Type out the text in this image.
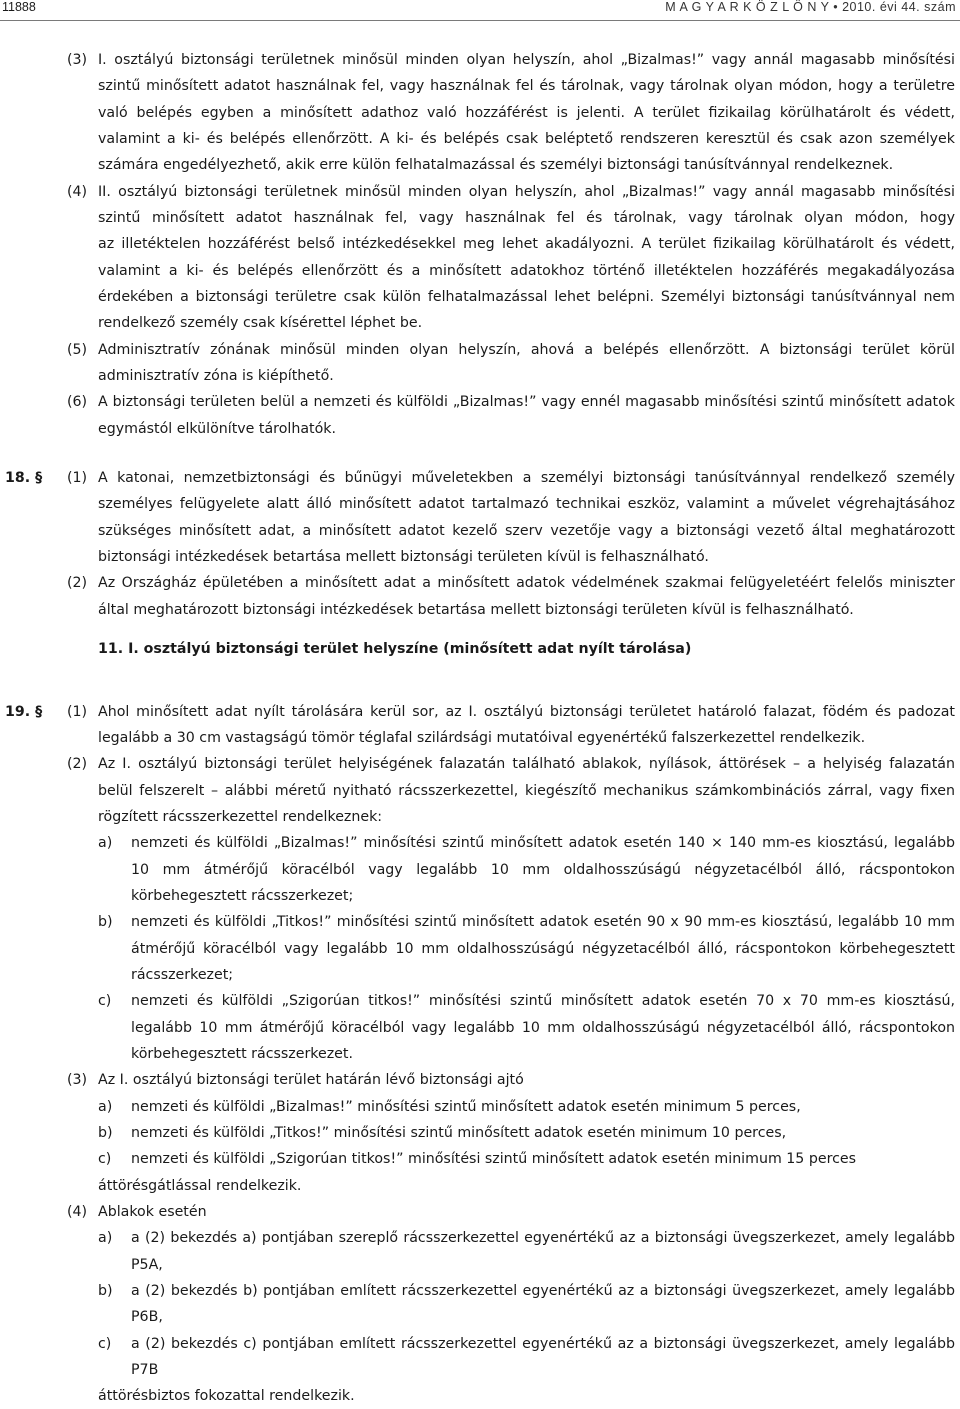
11888	M A G Y A R K Ö Z L Ö N Y • 2010. évi 44. szám
I. osztályú biztonsági területnek minősül minden olyan helyszín, ahol „Bizalmas!” vagy annál magasabb minősítési
szintű minősített adatot használnak fel, vagy használnak fel és tárolnak, vagy tárolnak olyan módon, hogy a területre
való belépés egyben a minősített adathoz való hozzáférést is jelenti. A terület fizikailag körülhatárolt és védett,
valamint a ki- és belépés ellenőrzött. A ki- és belépés csak beléptető rendszeren keresztül és csak azon személyek
számára engedélyezhető, akik erre külön felhatalmazással és személyi biztonsági tanúsítvánnyal rendelkeznek.
II. osztályú biztonsági területnek minősül minden olyan helyszín, ahol „Bizalmas!” vagy annál magasabb minősítési
szintű minősített adatot használnak fel, vagy használnak fel és tárolnak, vagy tárolnak olyan módon, hogy
az illetéktelen hozzáférést belső intézkedésekkel meg lehet akadályozni. A terület fizikailag körülhatárolt és védett,
valamint a ki- és belépés ellenőrzött és a minősített adatokhoz történő illetéktelen hozzáférés megakadályozása
érdekében a biztonsági területre csak külön felhatalmazással lehet belépni. Személyi biztonsági tanúsítvánnyal nem
rendelkező személy csak kísérettel léphet be.
Adminisztratív zónának minősül minden olyan helyszín, ahová a belépés ellenőrzött. A biztonsági terület körül
adminisztratív zóna is kiépíthető.
A biztonsági területen belül a nemzeti és külföldi „Bizalmas!” vagy ennél magasabb minősítési szintű minősített adatok
egymástól elkülönítve tárolhatók.
A katonai, nemzetbiztonsági és bűnügyi műveletekben a személyi biztonsági tanúsítvánnyal rendelkező személy
személyes felügyelete alatt álló minősített adatot tartalmazó technikai eszköz, valamint a művelet végrehajtásához
szükséges minősített adat, a minősített adatot kezelő szerv vezetője vagy a biztonsági vezető által meghatározott
biztonsági intézkedések betartása mellett biztonsági területen kívül is felhasználható.
Az Országház épületében a minősített adat a minősített adatok védelmének szakmai felügyeletéért felelős miniszter
által meghatározott biztonsági intézkedések betartása mellett biztonsági területen kívül is felhasználható.
Ahol minősített adat nyílt tárolására kerül sor, az I. osztályú biztonsági területet határoló falazat, födém és padozat
legalább a 30 cm vastagságú tömör téglafal szilárdsági mutatóival egyenértékű falszerkezettel rendelkezik.
Az I. osztályú biztonsági terület helyiségének falazatán található ablakok, nyílások, áttörések – a helyiség falazatán
belül felszerelt – alábbi méretű nyitható rácsszerkezettel, kiegészítő mechanikus számkombinációs zárral, vagy fixen
rögzített rácsszerkezettel rendelkeznek:
nemzeti és külföldi „Bizalmas!” minősítési szintű minősített adatok esetén 140 × 140 mm-es kiosztású, legalább
10 mm átmérőjű köracélból vagy legalább 10 mm oldalhosszúságú négyzetacélból álló, rácspontokon
körbehegesztett rácsszerkezet;
nemzeti és külföldi „Titkos!” minősítési szintű minősített adatok esetén 90 x 90 mm-es kiosztású, legalább 10 mm
átmérőjű köracélból vagy legalább 10 mm oldalhosszúságú négyzetacélból álló, rácspontokon körbehegesztett
rácsszerkezet;
nemzeti és külföldi „Szigorúan titkos!” minősítési szintű minősített adatok esetén 70 x 70 mm-es kiosztású,
legalább 10 mm átmérőjű köracélból vagy legalább 10 mm oldalhosszúságú négyzetacélból álló, rácspontokon
körbehegesztett rácsszerkezet.
Az I. osztályú biztonsági terület határán lévő biztonsági ajtó
nemzeti és külföldi „Bizalmas!” minősítési szintű minősített adatok esetén minimum 5 perces,
nemzeti és külföldi „Titkos!” minősítési szintű minősített adatok esetén minimum 10 perces,
nemzeti és külföldi „Szigorúan titkos!” minősítési szintű minősített adatok esetén minimum 15 perces
áttörésgátlással rendelkezik.
Ablakok esetén
a (2) bekezdés a) pontjában szereplő rácsszerkezettel egyenértékű az a biztonsági üvegszerkezet, amely legalább
P5A,
a (2) bekezdés b) pontjában említett rácsszerkezettel egyenértékű az a biztonsági üvegszerkezet, amely legalább
P6B,
a (2) bekezdés c) pontjában említett rácsszerkezettel egyenértékű az a biztonsági üvegszerkezet, amely legalább
P7B
áttörésbiztos fokozattal rendelkezik.
(3)
(4)
(5)
(6)
(1)
(2)
(1)
(2)
a)
b)
c)
(3)
a)
b)
c)
(4)
a)
b)
c)
18. §
19. §
11. I. osztályú biztonsági terület helyszíne (minősített adat nyílt tárolása)
